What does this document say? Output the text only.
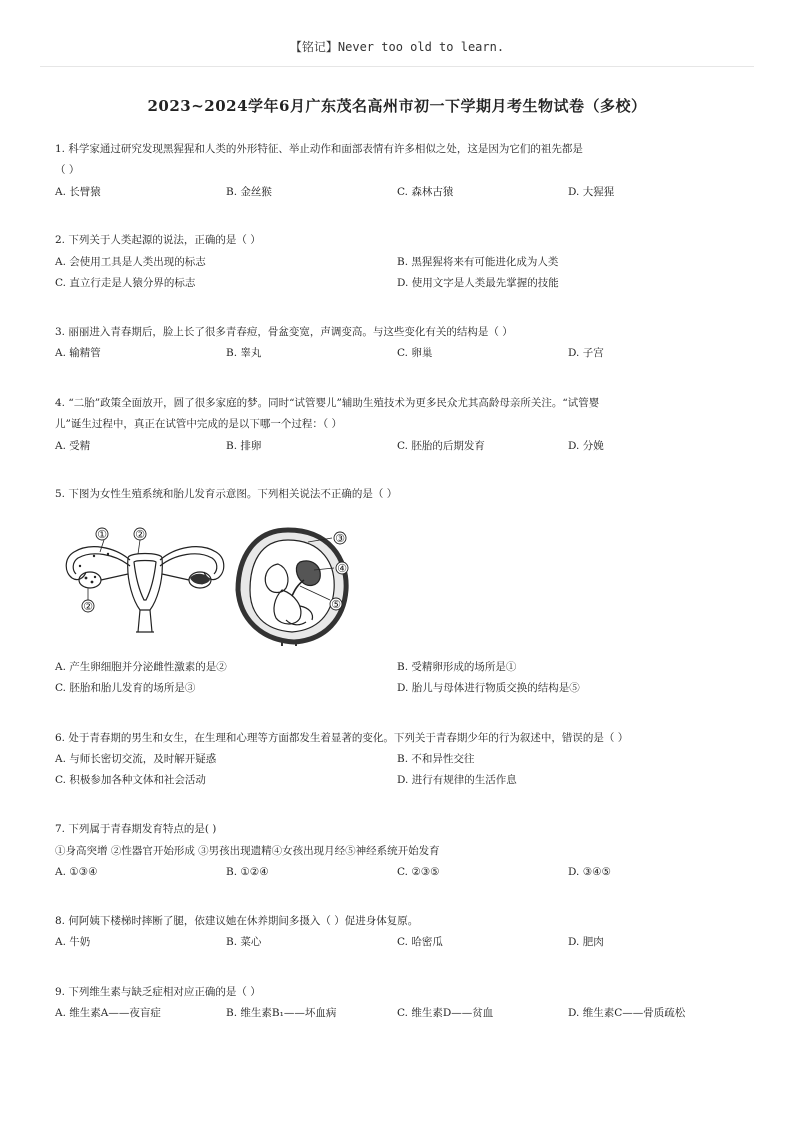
【铭记】Never too old to learn.
2023~2024学年6月广东茂名高州市初一下学期月考生物试卷（多校）
1. 科学家通过研究发现黑猩猩和人类的外形特征、举止动作和面部表情有许多相似之处，这是因为它们的祖先都是
（ ）
A. 长臂猿	B. 金丝猴	C. 森林古猿	D. 大猩猩
2. 下列关于人类起源的说法，正确的是（ ）
A. 会使用工具是人类出现的标志	B. 黑猩猩将来有可能进化成为人类
C. 直立行走是人猿分界的标志	D. 使用文字是人类最先掌握的技能
3. 丽丽进入青春期后，脸上长了很多青春痘，骨盆变宽，声调变高。与这些变化有关的结构是（ ）
A. 输精管	B. 睾丸	C. 卵巢	D. 子宫
4. “二胎”政策全面放开，圆了很多家庭的梦。同时“试管婴儿”辅助生殖技术为更多民众尤其高龄母亲所关注。“试管婴
儿”诞生过程中，真正在试管中完成的是以下哪一个过程：（ ）
A. 受精	B. 排卵	C. 胚胎的后期发育	D. 分娩
5. 下图为女性生殖系统和胎儿发育示意图。下列相关说法不正确的是（ ）
A. 产生卵细胞并分泌雌性激素的是②	B. 受精卵形成的场所是①
C. 胚胎和胎儿发育的场所是③	D. 胎儿与母体进行物质交换的结构是⑤
6. 处于青春期的男生和女生，在生理和心理等方面都发生着显著的变化。下列关于青春期少年的行为叙述中，错误的是（ ）
A. 与师长密切交流，及时解开疑惑	B. 不和异性交往
C. 积极参加各种文体和社会活动	D. 进行有规律的生活作息
7. 下列属于青春期发育特点的是( )
①身高突增 ②性器官开始形成 ③男孩出现遗精④女孩出现月经⑤神经系统开始发育
A. ①③④	B. ①②④	C. ②③⑤	D. ③④⑤
8. 何阿姨下楼梯时摔断了腿，依建议她在休养期间多摄入（ ）促进身体复原。
A. 牛奶	B. 菜心	C. 哈密瓜	D. 肥肉
9. 下列维生素与缺乏症相对应正确的是（ ）
A. 维生素A——夜盲症	B. 维生素B₁——坏血病	C. 维生素D——贫血	D. 维生素C——骨质疏松
①	②
②
③
④
⑤
